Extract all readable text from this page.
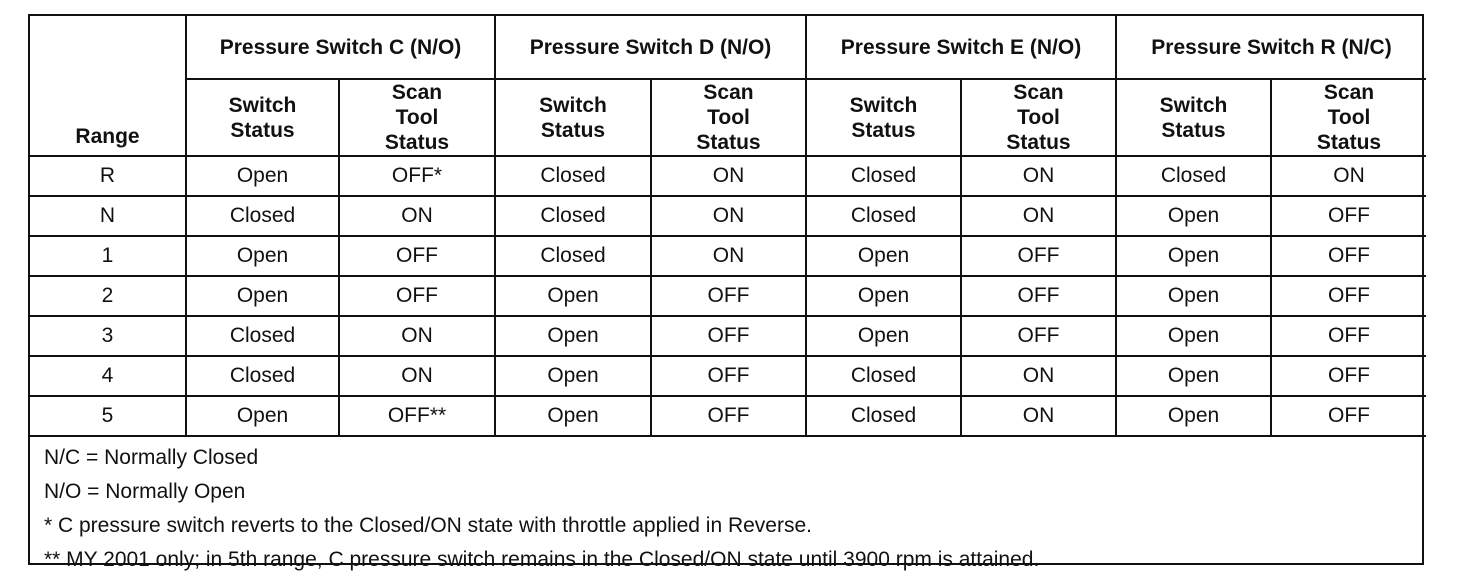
Range	Pressure Switch C (N/O)		Pressure Switch D (N/O)		Pressure Switch E (N/O)		Pressure Switch R (N/C)	
	Switch Status	Scan Tool Status	Switch Status	Scan Tool Status	Switch Status	Scan Tool Status	Switch Status	Scan Tool Status
R	Open	OFF*	Closed	ON	Closed	ON	Closed	ON
N	Closed	ON	Closed	ON	Closed	ON	Open	OFF
1	Open	OFF	Closed	ON	Open	OFF	Open	OFF
2	Open	OFF	Open	OFF	Open	OFF	Open	OFF
3	Closed	ON	Open	OFF	Open	OFF	Open	OFF
4	Closed	ON	Open	OFF	Closed	ON	Open	OFF
5	Open	OFF**	Open	OFF	Closed	ON	Open	OFF
N/C = Normally Closed
N/O = Normally Open
* C pressure switch reverts to the Closed/ON state with throttle applied in Reverse.
** MY 2001 only; in 5th range, C pressure switch remains in the Closed/ON state until 3900 rpm is attained.
